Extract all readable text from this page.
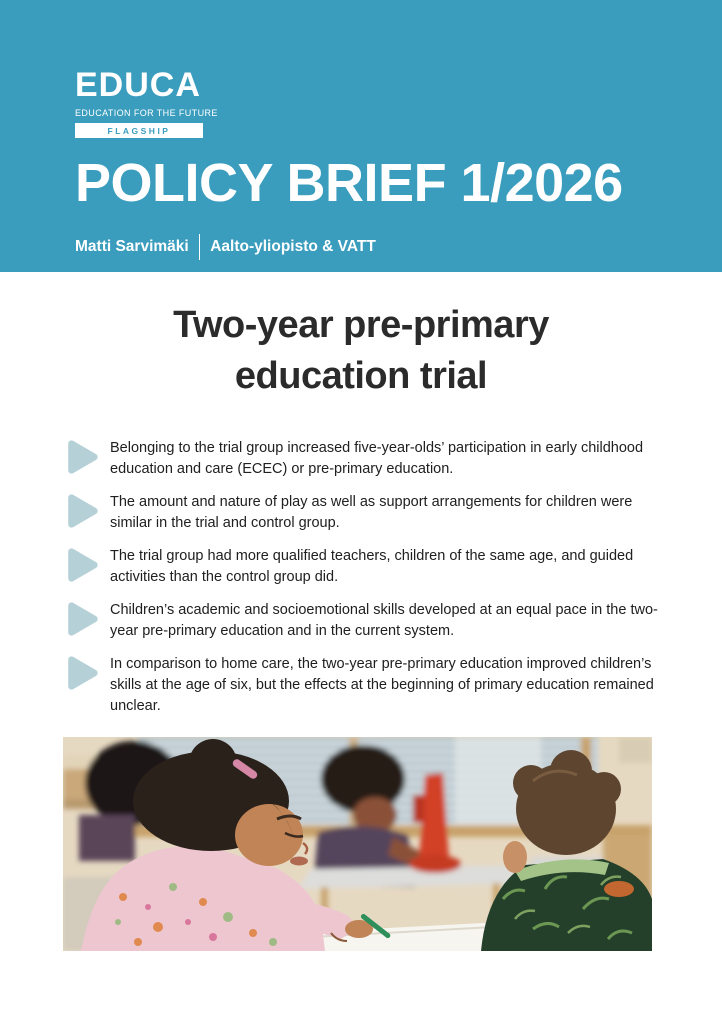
EDUCA
EDUCATION FOR THE FUTURE
FLAGSHIP
POLICY BRIEF 1/2026
Matti Sarvimäki Aalto-yliopisto & VATT
Two-year pre-primary
education trial

Belonging to the trial group increased five-year-olds’ participation in early childhood education and care (ECEC) or pre-primary education.

The amount and nature of play as well as support arrangements for children were similar in the trial and control group.

The trial group had more qualified teachers, children of the same age, and guided activities than the control group did.

Children’s academic and socioemotional skills developed at an equal pace in the two-year pre-primary education and in the current system.

In comparison to home care, the two-year pre-primary education improved children’s skills at the age of six, but the effects at the beginning of primary education remained unclear.
